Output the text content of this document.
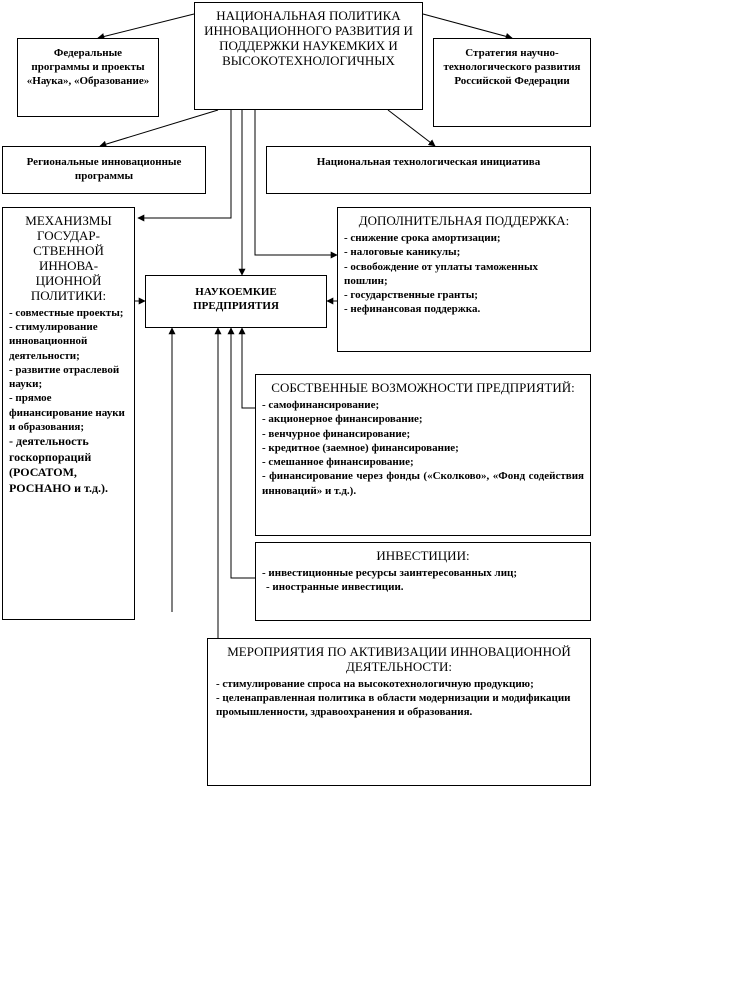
НАЦИОНАЛЬНАЯ ПОЛИТИКА ИННОВАЦИОННОГО РАЗВИТИЯ И ПОДДЕРЖКИ НАУКЕМКИХ И ВЫСОКОТЕХНОЛОГИЧНЫХ
Федеральные программы и проекты «Наука», «Образование»
Стратегия научно-технологического развития Российской Федерации
Региональные инновационные программы
Национальная технологическая инициатива
МЕХАНИЗМЫ ГОСУДАР-СТВЕННОЙ ИННОВА-ЦИОННОЙ ПОЛИТИКИ:
- совместные проекты;
- стимулирование инновационной деятельности;
- развитие отраслевой науки;
- прямое финансирование науки и образования;
- деятельность госкорпораций (РОСАТОМ, РОСНАНО и т.д.).
ДОПОЛНИТЕЛЬНАЯ ПОДДЕРЖКА:
- снижение срока амортизации;
- налоговые каникулы;
- освобождение от уплаты таможенных пошлин;
- государственные гранты;
- нефинансовая поддержка.
НАУКОЕМКИЕ ПРЕДПРИЯТИЯ
СОБСТВЕННЫЕ ВОЗМОЖНОСТИ ПРЕДПРИЯТИЙ:
- самофинансирование;
- акционерное финансирование;
- венчурное финансирование;
- кредитное (заемное) финансирование;
- смешанное финансирование;
- финансирование через фонды («Сколково», «Фонд содействия инноваций» и т.д.).
ИНВЕСТИЦИИ:
- инвестиционные ресурсы заинтересованных лиц;
- иностранные инвестиции.
МЕРОПРИЯТИЯ ПО АКТИВИЗАЦИИ ИННОВАЦИОННОЙ ДЕЯТЕЛЬНОСТИ:
- стимулирование спроса на высокотехнологичную продукцию;
- целенаправленная политика в области модернизации и модификации промышленности, здравоохранения и образования.
